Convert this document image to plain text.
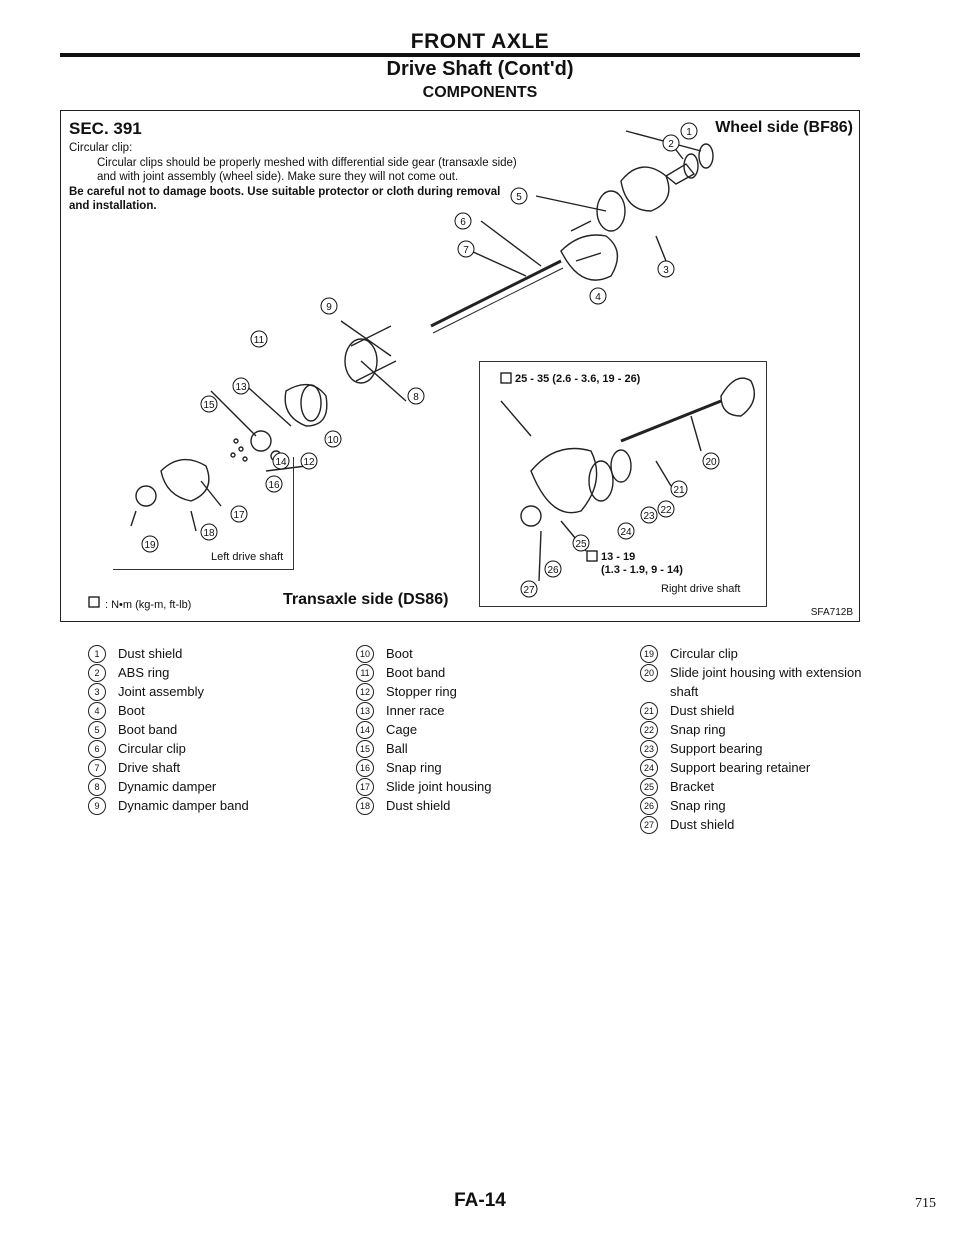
FRONT AXLE
Drive Shaft (Cont'd)
COMPONENTS
SEC. 391
Circular clip:
Circular clips should be properly meshed with differential side gear (transaxle side) and with joint assembly (wheel side). Make sure they will not come out.
Be careful not to damage boots. Use suitable protector or cloth during removal and installation.
Wheel side (BF86)
1
2
3
4
5
6
7
8
9
10
11
12
13
14
15
16
17
18
19
20
21
22
23
24
25
26
27
Left drive shaft
25 - 35 (2.6 - 3.6, 19 - 26)
13 - 19
(1.3 - 1.9, 9 - 14)
Right drive shaft
: N•m (kg-m, ft-lb)	Transaxle side (DS86)
SFA712B
1	Dust shield
2	ABS ring
3	Joint assembly
4	Boot
5	Boot band
6	Circular clip
7	Drive shaft
8	Dynamic damper
9	Dynamic damper band
10	Boot
11	Boot band
12	Stopper ring
13	Inner race
14	Cage
15	Ball
16	Snap ring
17	Slide joint housing
18	Dust shield
19	Circular clip
20	Slide joint housing with extension shaft
21	Dust shield
22	Snap ring
23	Support bearing
24	Support bearing retainer
25	Bracket
26	Snap ring
27	Dust shield
FA-14	715
